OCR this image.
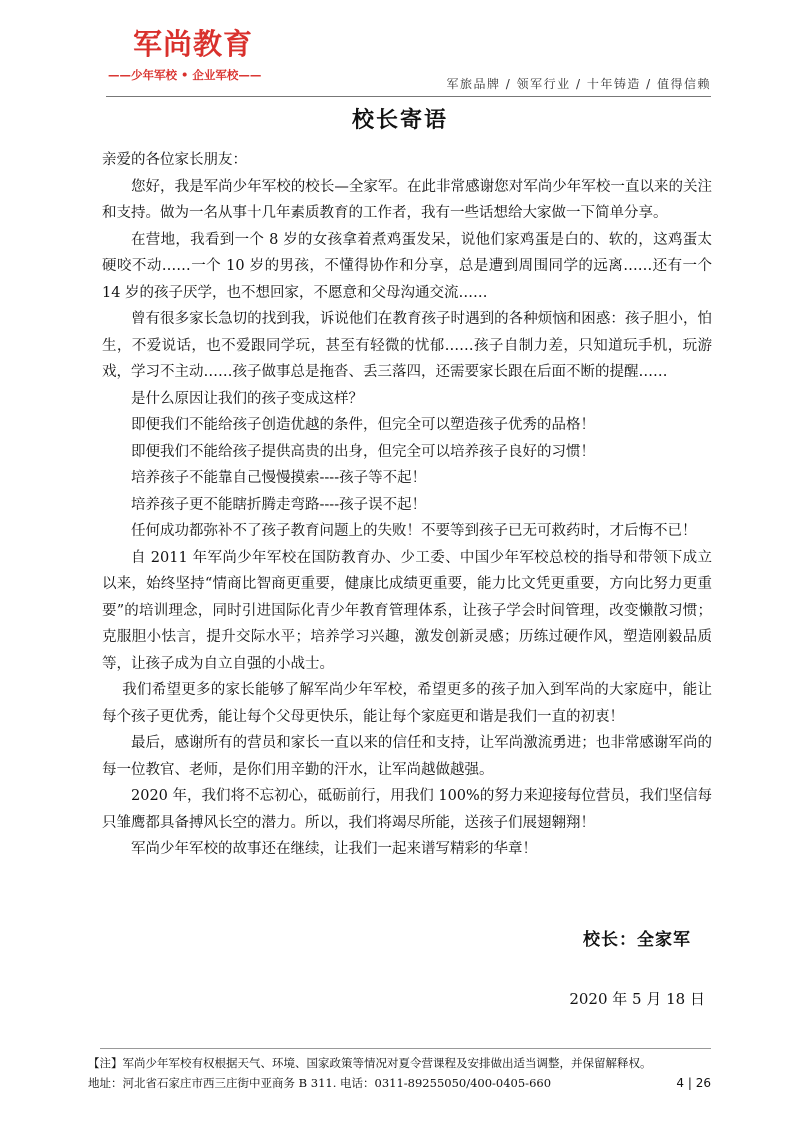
军尚教育
——少年军校 • 企业军校——
军旅品牌 / 领军行业 / 十年铸造 / 值得信赖
校长寄语

亲爱的各位家长朋友：

您好，我是军尚少年军校的校长—全家军。在此非常感谢您对军尚少年军校一直以来的关注和支持。做为一名从事十几年素质教育的工作者，我有一些话想给大家做一下简单分享。

在营地，我看到一个 8 岁的女孩拿着煮鸡蛋发呆，说他们家鸡蛋是白的、软的，这鸡蛋太硬咬不动……一个 10 岁的男孩，不懂得协作和分享，总是遭到周围同学的远离……还有一个 14 岁的孩子厌学，也不想回家，不愿意和父母沟通交流……

曾有很多家长急切的找到我，诉说他们在教育孩子时遇到的各种烦恼和困惑：孩子胆小，怕生，不爱说话，也不爱跟同学玩，甚至有轻微的忧郁……孩子自制力差，只知道玩手机，玩游戏，学习不主动……孩子做事总是拖沓、丢三落四，还需要家长跟在后面不断的提醒……

是什么原因让我们的孩子变成这样？

即便我们不能给孩子创造优越的条件，但完全可以塑造孩子优秀的品格！

即便我们不能给孩子提供高贵的出身，但完全可以培养孩子良好的习惯！

培养孩子不能靠自己慢慢摸索----孩子等不起！

培养孩子更不能瞎折腾走弯路----孩子误不起！

任何成功都弥补不了孩子教育问题上的失败！不要等到孩子已无可救药时，才后悔不已！

自 2011 年军尚少年军校在国防教育办、少工委、中国少年军校总校的指导和带领下成立以来，始终坚持“情商比智商更重要，健康比成绩更重要，能力比文凭更重要，方向比努力更重要”的培训理念，同时引进国际化青少年教育管理体系，让孩子学会时间管理，改变懒散习惯；克服胆小怯言，提升交际水平；培养学习兴趣，激发创新灵感；历练过硬作风，塑造刚毅品质等，让孩子成为自立自强的小战士。

我们希望更多的家长能够了解军尚少年军校，希望更多的孩子加入到军尚的大家庭中，能让每个孩子更优秀，能让每个父母更快乐，能让每个家庭更和谐是我们一直的初衷！

最后，感谢所有的营员和家长一直以来的信任和支持，让军尚激流勇进；也非常感谢军尚的每一位教官、老师，是你们用辛勤的汗水，让军尚越做越强。

2020 年，我们将不忘初心，砥砺前行，用我们 100%的努力来迎接每位营员，我们坚信每只雏鹰都具备搏风长空的潜力。所以，我们将竭尽所能，送孩子们展翅翱翔！

军尚少年军校的故事还在继续，让我们一起来谱写精彩的华章！

校长：全家军
2020 年 5 月 18 日
【注】军尚少年军校有权根据天气、环境、国家政策等情况对夏令营课程及安排做出适当调整，并保留解释权。
地址：河北省石家庄市西三庄街中亚商务 B 311. 电话：0311-89255050/400-0405-660	4 | 26
